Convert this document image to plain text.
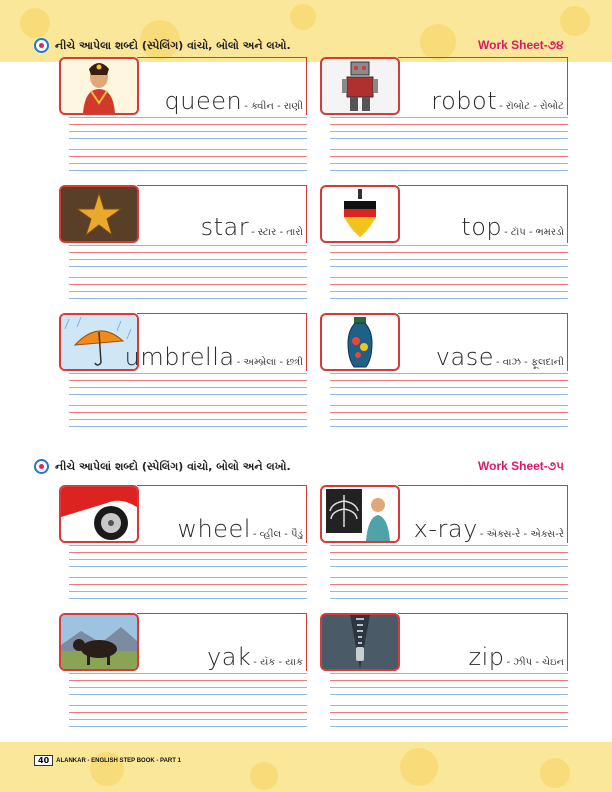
નીચે આપેલા શબ્દો (સ્પેલિંગ) વાંચો, બોલો અને લખો.	Work Sheet-૭૪
નીચે આપેલાં શબ્દો (સ્પેલિંગ) વાંચો, બોલો અને લખો.	Work Sheet-૭૫
queen - ક્વીન - રાણી	robot - રૉબોટ - રોબોટ
star - સ્ટાર - તારો	top - ટૉપ - ભમરડો
umbrella - અમ્બ્રેલા - છત્રી	vase - વાઝ - ફૂલદાની
wheel - વ્હીલ - પૈડું	x-ray - ઍક્સ-રે - એક્સ-રે
yak - યૅક - યાક	zip - ઝીપ - ચેઇન
40	ALANKAR - ENGLISH STEP BOOK - PART 1
